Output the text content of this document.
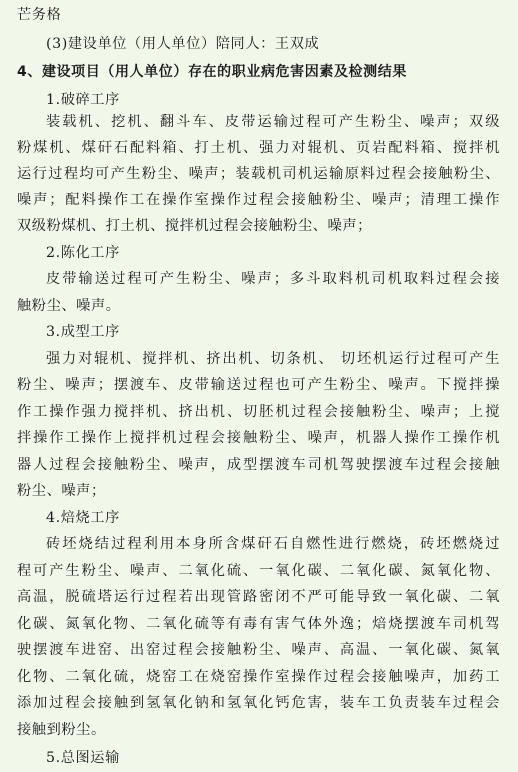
芒务格
(3)建设单位（用人单位）陪同人：王双成
4、建设项目（用人单位）存在的职业病危害因素及检测结果
1.破碎工序
装载机、挖机、翻斗车、皮带运输过程可产生粉尘、噪声；双级
粉煤机、煤矸石配料箱、打土机、强力对辊机、页岩配料箱、搅拌机
运行过程均可产生粉尘、噪声；装载机司机运输原料过程会接触粉尘、
噪声；配料操作工在操作室操作过程会接触粉尘、噪声；清理工操作
双级粉煤机、打土机、搅拌机过程会接触粉尘、噪声；
2.陈化工序
皮带输送过程可产生粉尘、噪声；多斗取料机司机取料过程会接
触粉尘、噪声。
3.成型工序
强力对辊机、搅拌机、挤出机、切条机、 切坯机运行过程可产生
粉尘、噪声；摆渡车、皮带输送过程也可产生粉尘、噪声。下搅拌操
作工操作强力搅拌机、挤出机、切胚机过程会接触粉尘、噪声；上搅
拌操作工操作上搅拌机过程会接触粉尘、噪声，机器人操作工操作机
器人过程会接触粉尘、噪声，成型摆渡车司机驾驶摆渡车过程会接触
粉尘、噪声；
4.焙烧工序
砖坯烧结过程利用本身所含煤矸石自燃性进行燃烧，砖坯燃烧过
程可产生粉尘、噪声、二氧化硫、一氧化碳、二氧化碳、氮氧化物、
高温，脱硫塔运行过程若出现管路密闭不严可能导致一氧化碳、二氧
化碳、氮氧化物、二氧化硫等有毒有害气体外逸；焙烧摆渡车司机驾
驶摆渡车进窑、出窑过程会接触粉尘、噪声、高温、一氧化碳、氮氧
化物、二氧化硫，烧窑工在烧窑操作室操作过程会接触噪声，加药工
添加过程会接触到氢氧化钠和氢氧化钙危害，装车工负责装车过程会
接触到粉尘。
5.总图运输
